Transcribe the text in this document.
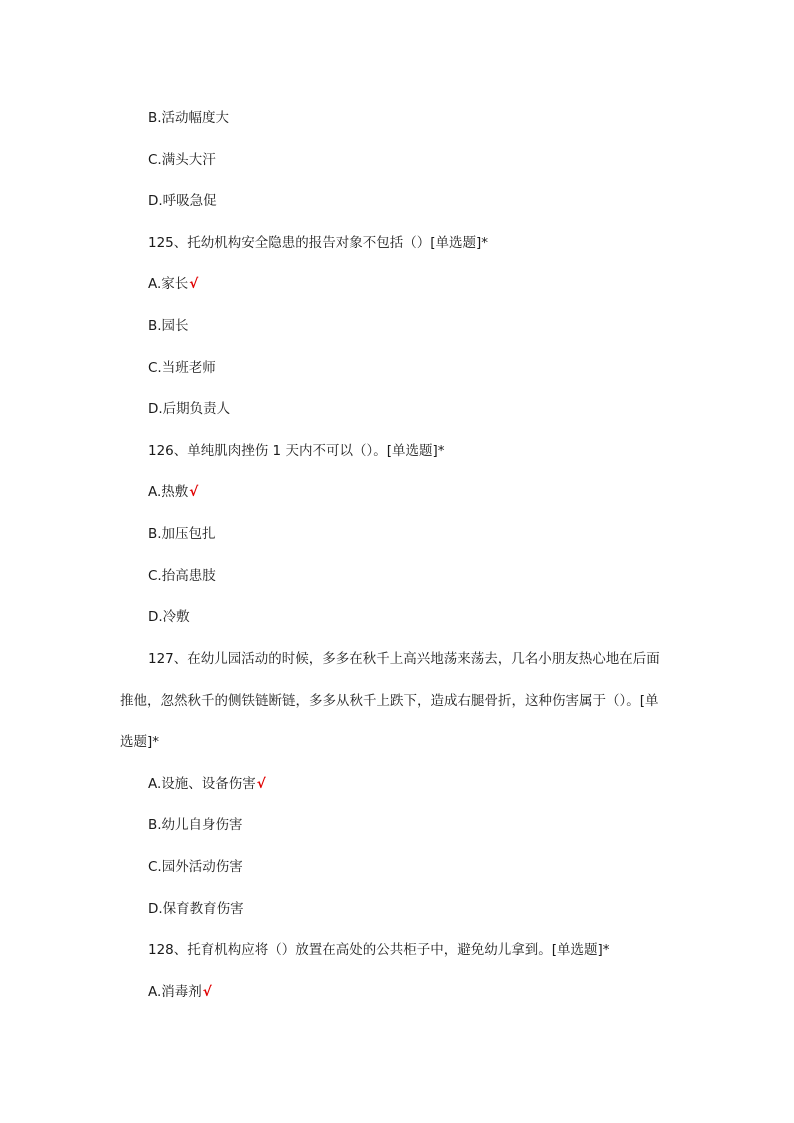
B.活动幅度大
C.满头大汗
D.呼吸急促
125、托幼机构安全隐患的报告对象不包括（）[单选题]*
A.家长√
B.园长
C.当班老师
D.后期负责人
126、单纯肌肉挫伤 1 天内不可以（）。[单选题]*
A.热敷√
B.加压包扎
C.抬高患肢
D.冷敷
127、在幼儿园活动的时候，多多在秋千上高兴地荡来荡去，几名小朋友热心地在后面
推他，忽然秋千的侧铁链断链，多多从秋千上跌下，造成右腿骨折，这种伤害属于（）。[单
选题]*
A.设施、设备伤害√
B.幼儿自身伤害
C.园外活动伤害
D.保育教育伤害
128、托育机构应将（）放置在高处的公共柜子中，避免幼儿拿到。[单选题]*
A.消毒剂√
